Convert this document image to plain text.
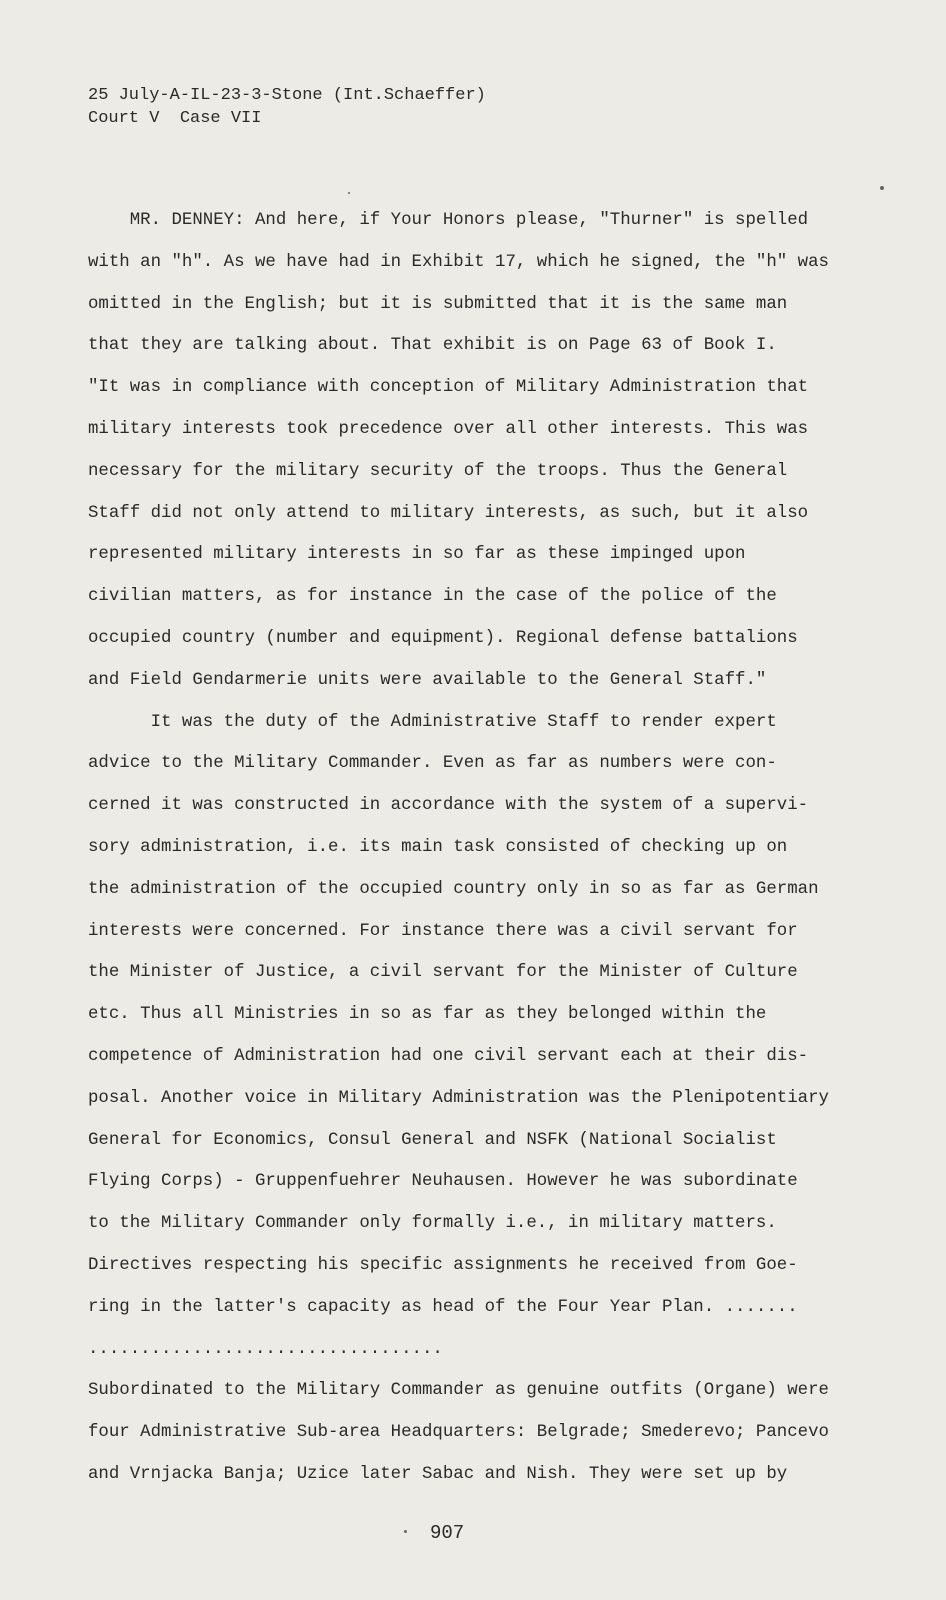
25 July-A-IL-23-3-Stone (Int.Schaeffer)
Court V  Case VII
MR. DENNEY: And here, if Your Honors please, "Thurner" is spelled
with an "h". As we have had in Exhibit 17, which he signed, the "h" was
omitted in the English; but it is submitted that it is the same man
that they are talking about. That exhibit is on Page 63 of Book I.
"It was in compliance with conception of Military Administration that
military interests took precedence over all other interests. This was
necessary for the military security of the troops. Thus the General
Staff did not only attend to military interests, as such, but it also
represented military interests in so far as these impinged upon
civilian matters, as for instance in the case of the police of the
occupied country (number and equipment). Regional defense battalions
and Field Gendarmerie units were available to the General Staff."
It was the duty of the Administrative Staff to render expert
advice to the Military Commander. Even as far as numbers were con-
cerned it was constructed in accordance with the system of a supervi-
sory administration, i.e. its main task consisted of checking up on
the administration of the occupied country only in so as far as German
interests were concerned. For instance there was a civil servant for
the Minister of Justice, a civil servant for the Minister of Culture
etc. Thus all Ministries in so as far as they belonged within the
competence of Administration had one civil servant each at their dis-
posal. Another voice in Military Administration was the Plenipotentiary
General for Economics, Consul General and NSFK (National Socialist
Flying Corps) - Gruppenfuehrer Neuhausen. However he was subordinate
to the Military Commander only formally i.e., in military matters.
Directives respecting his specific assignments he received from Goe-
ring in the latter's capacity as head of the Four Year Plan. .......
..................................
Subordinated to the Military Commander as genuine outfits (Organe) were
four Administrative Sub-area Headquarters: Belgrade; Smederevo; Pancevo
and Vrnjacka Banja; Uzice later Sabac and Nish. They were set up by
907
